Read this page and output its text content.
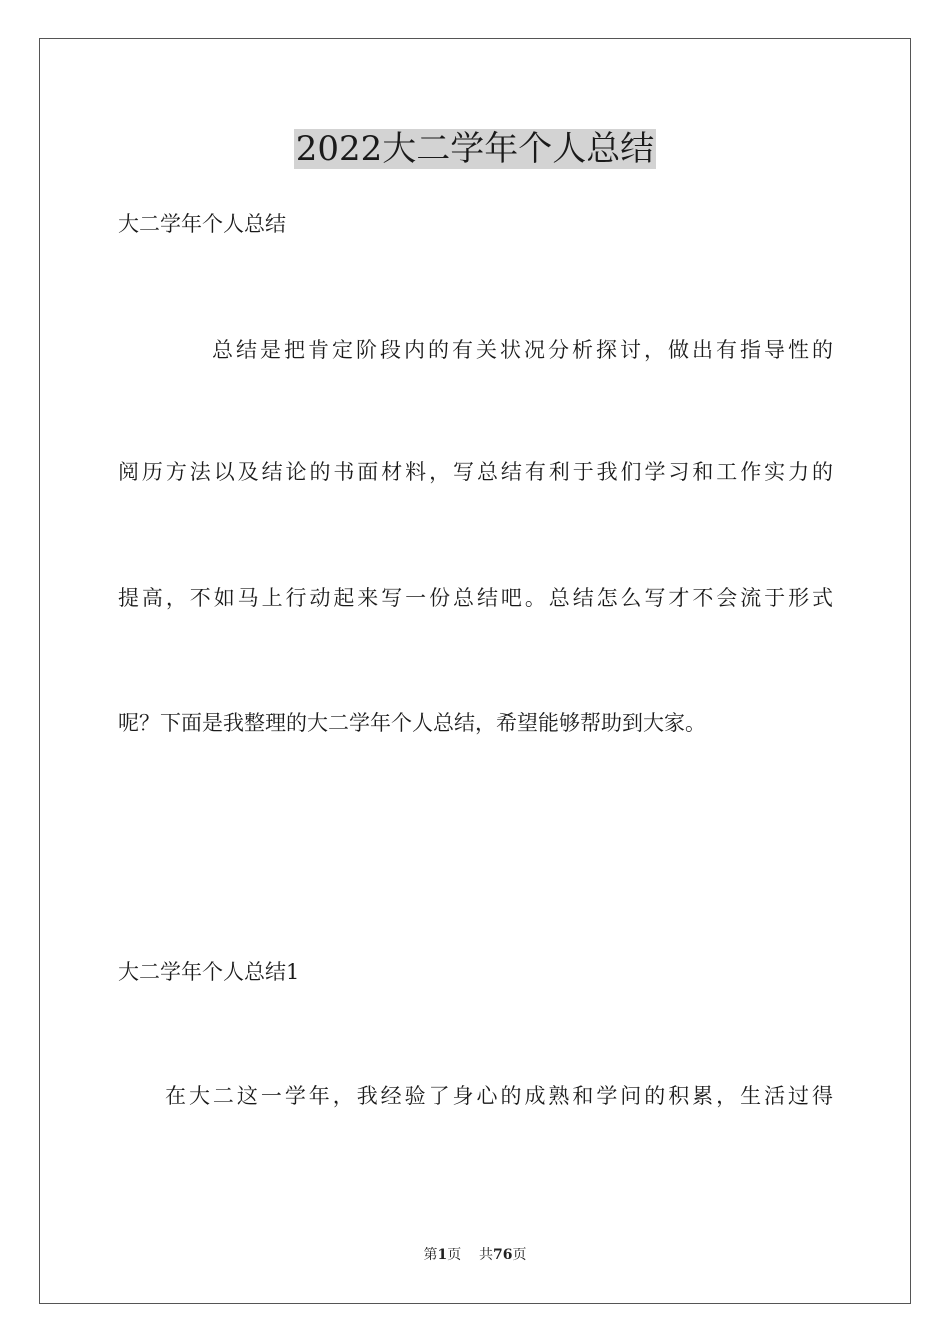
2022大二学年个人总结
大二学年个人总结
总结是把肯定阶段内的有关状况分析探讨，做出有指导性的
阅历方法以及结论的书面材料，写总结有利于我们学习和工作实力的
提高，不如马上行动起来写一份总结吧。总结怎么写才不会流于形式
呢？下面是我整理的大二学年个人总结，希望能够帮助到大家。
大二学年个人总结1
在大二这一学年，我经验了身心的成熟和学问的积累，生活过得
第1页 共76页
